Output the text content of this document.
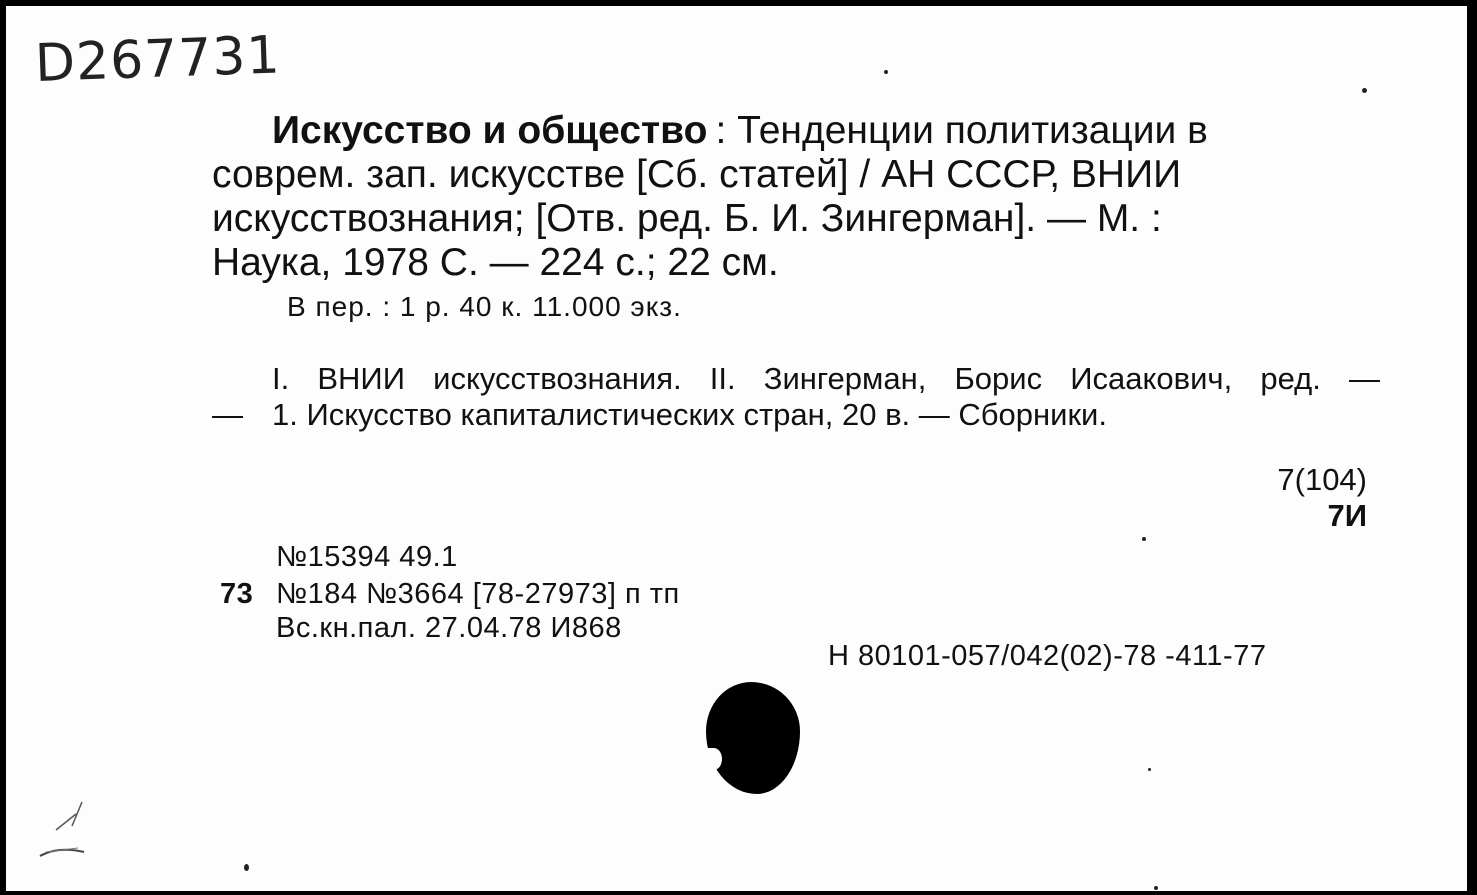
D267731
Искусство и общество : Тенденции политизации в
соврем. зап. искусстве [Сб. статей] / АН СССР, ВНИИ
искусствознания; [Отв. ред. Б. И. Зингерман]. — М. :
Наука, 1978 С. — 224 с.; 22 см.
В пер. : 1 р. 40 к. 11.000 экз.
I. ВНИИ искусствознания. II. Зингерман, Борис Исаакович, ред. —
— 1. Искусство капиталистических стран, 20 в. — Сборники.
7(104)
7И
№15394 49.1
73 №184 №3664 [78-27973] п тп
Вс.кн.пал. 27.04.78 И868
Н 80101-057/042(02)-78 -411-77
